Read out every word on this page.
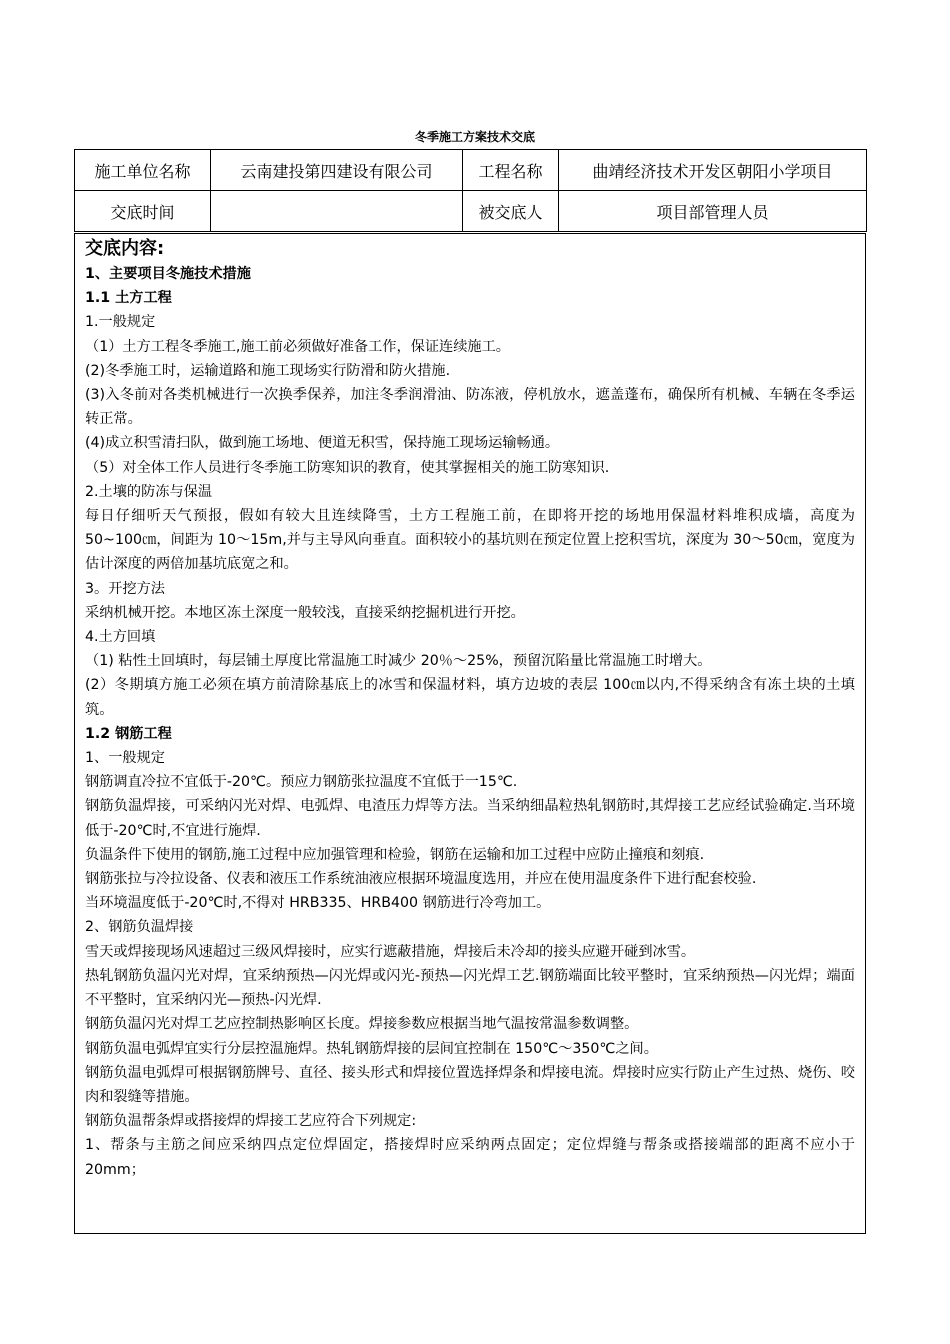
冬季施工方案技术交底
施工单位名称	云南建投第四建设有限公司	工程名称	曲靖经济技术开发区朝阳小学项目
交底时间		被交底人	项目部管理人员
交底内容:
1、主要项目冬施技术措施
1.1 土方工程
1.一般规定
（1）土方工程冬季施工,施工前必须做好准备工作，保证连续施工。
(2)冬季施工时，运输道路和施工现场实行防滑和防火措施.
(3)入冬前对各类机械进行一次换季保养，加注冬季润滑油、防冻液，停机放水，遮盖蓬布，确保所有机械、车辆在冬季运转正常。
(4)成立积雪清扫队，做到施工场地、便道无积雪，保持施工现场运输畅通。
（5）对全体工作人员进行冬季施工防寒知识的教育，使其掌握相关的施工防寒知识.
2.土壤的防冻与保温
每日仔细听天气预报，假如有较大且连续降雪，土方工程施工前，在即将开挖的场地用保温材料堆积成墙，高度为 50~100㎝，间距为 10～15m,并与主导风向垂直。面积较小的基坑则在预定位置上挖积雪坑，深度为 30～50㎝，宽度为估计深度的两倍加基坑底宽之和。
3。开挖方法
采纳机械开挖。本地区冻土深度一般较浅，直接采纳挖掘机进行开挖。
4.土方回填
（1) 粘性土回填时，每层铺土厚度比常温施工时减少 20％～25%，预留沉陷量比常温施工时增大。
(2）冬期填方施工必须在填方前清除基底上的冰雪和保温材料，填方边坡的表层 100㎝以内,不得采纳含有冻土块的土填筑。
1.2 钢筋工程
1、一般规定
钢筋调直冷拉不宜低于-20℃。预应力钢筋张拉温度不宜低于一15℃.
钢筋负温焊接，可采纳闪光对焊、电弧焊、电渣压力焊等方法。当采纳细晶粒热轧钢筋时,其焊接工艺应经试验确定.当环境低于-20℃时,不宜进行施焊.
负温条件下使用的钢筋,施工过程中应加强管理和检验，钢筋在运输和加工过程中应防止撞痕和刻痕.
钢筋张拉与冷拉设备、仪表和液压工作系统油液应根据环境温度选用，并应在使用温度条件下进行配套校验.
当环境温度低于-20℃时,不得对 HRB335、HRB400 钢筋进行冷弯加工。
2、钢筋负温焊接
雪天或焊接现场风速超过三级风焊接时，应实行遮蔽措施，焊接后未冷却的接头应避开碰到冰雪。
热轧钢筋负温闪光对焊，宜采纳预热—闪光焊或闪光-预热—闪光焊工艺.钢筋端面比较平整时，宜采纳预热—闪光焊；端面不平整时，宜采纳闪光—预热-闪光焊.
钢筋负温闪光对焊工艺应控制热影响区长度。焊接参数应根据当地气温按常温参数调整。
钢筋负温电弧焊宜实行分层控温施焊。热轧钢筋焊接的层间宜控制在 150℃～350℃之间。
钢筋负温电弧焊可根据钢筋牌号、直径、接头形式和焊接位置选择焊条和焊接电流。焊接时应实行防止产生过热、烧伤、咬肉和裂缝等措施。
钢筋负温帮条焊或搭接焊的焊接工艺应符合下列规定:
1、帮条与主筋之间应采纳四点定位焊固定，搭接焊时应采纳两点固定；定位焊缝与帮条或搭接端部的距离不应小于 20mm；
